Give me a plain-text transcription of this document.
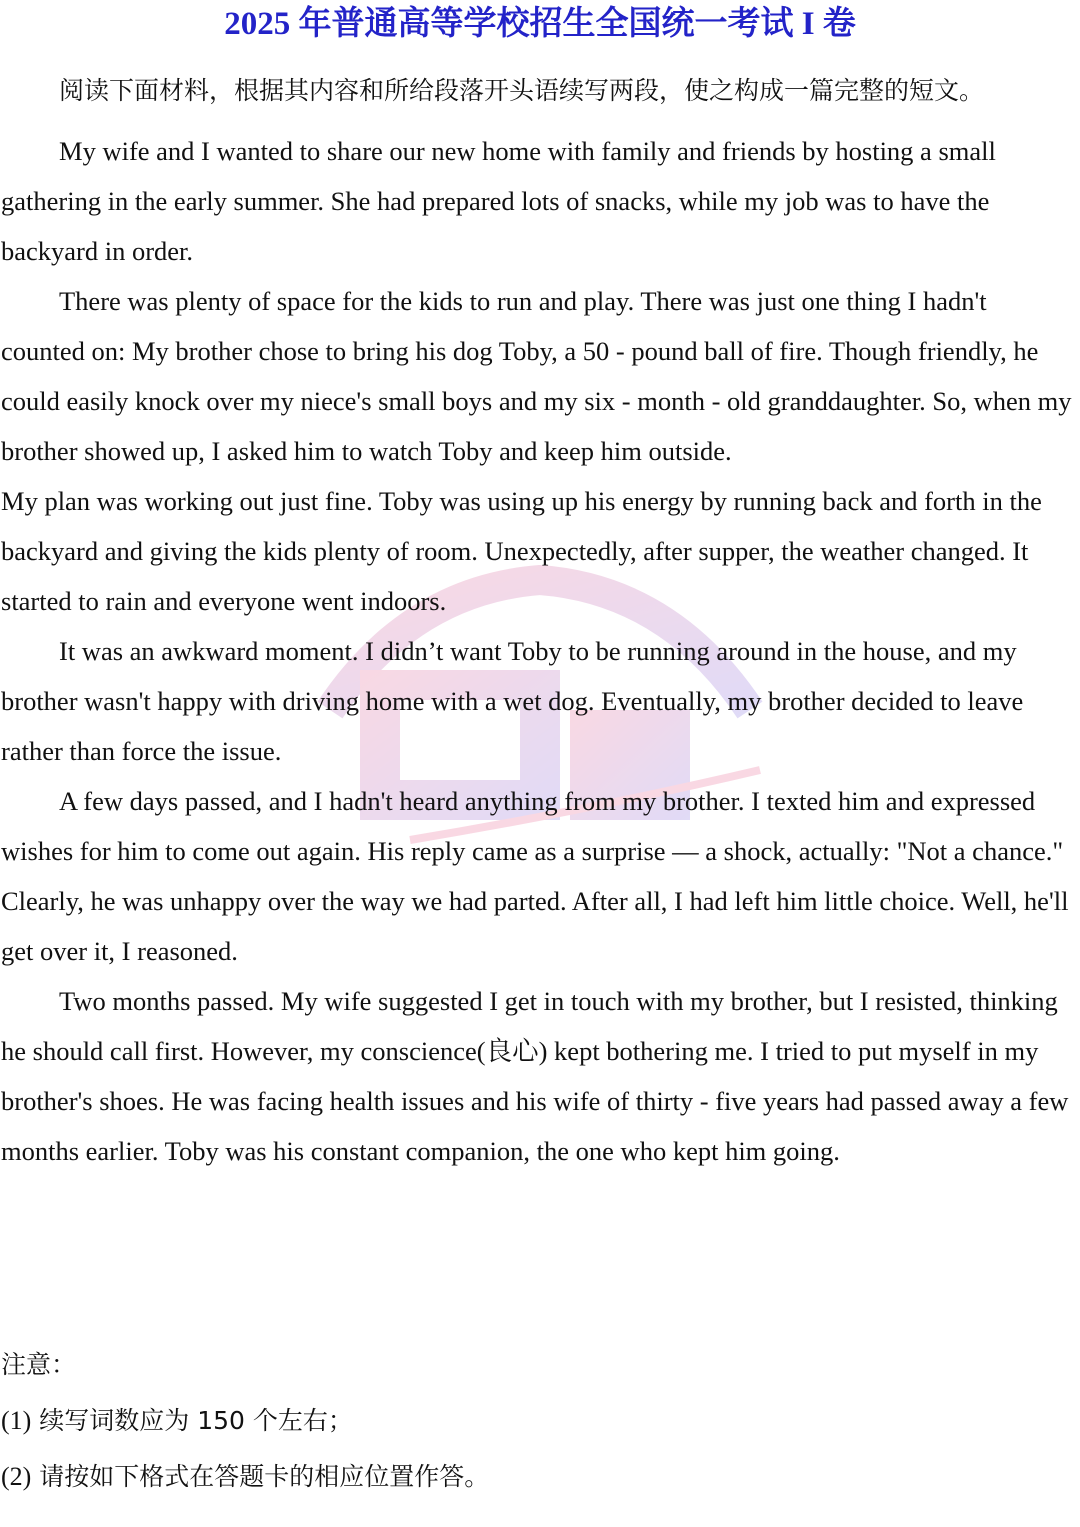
2025 年普通高等学校招生全国统一考试 I 卷

阅读下面材料，根据其内容和所给段落开头语续写两段，使之构成一篇完整的短文。

My wife and I wanted to share our new home with family and friends by hosting a small gathering in the early summer. She had prepared lots of snacks, while my job was to have the backyard in order.

There was plenty of space for the kids to run and play. There was just one thing I hadn't counted on: My brother chose to bring his dog Toby, a 50 - pound ball of fire. Though friendly, he could easily knock over my niece's small boys and my six - month - old granddaughter. So, when my brother showed up, I asked him to watch Toby and keep him outside.

My plan was working out just fine. Toby was using up his energy by running back and forth in the backyard and giving the kids plenty of room. Unexpectedly, after supper, the weather changed. It started to rain and everyone went indoors.

It was an awkward moment. I didn’t want Toby to be running around in the house, and my brother wasn't happy with driving home with a wet dog. Eventually, my brother decided to leave rather than force the issue.

A few days passed, and I hadn't heard anything from my brother. I texted him and expressed wishes for him to come out again. His reply came as a surprise — a shock, actually: "Not a chance." Clearly, he was unhappy over the way we had parted. After all, I had left him little choice. Well, he'll get over it, I reasoned.

Two months passed. My wife suggested I get in touch with my brother, but I resisted, thinking he should call first. However, my conscience(良心) kept bothering me. I tried to put myself in my brother's shoes. He was facing health issues and his wife of thirty - five years had passed away a few months earlier. Toby was his constant companion, the one who kept him going.

注意：
(1) 续写词数应为 150 个左右；
(2) 请按如下格式在答题卡的相应位置作答。
